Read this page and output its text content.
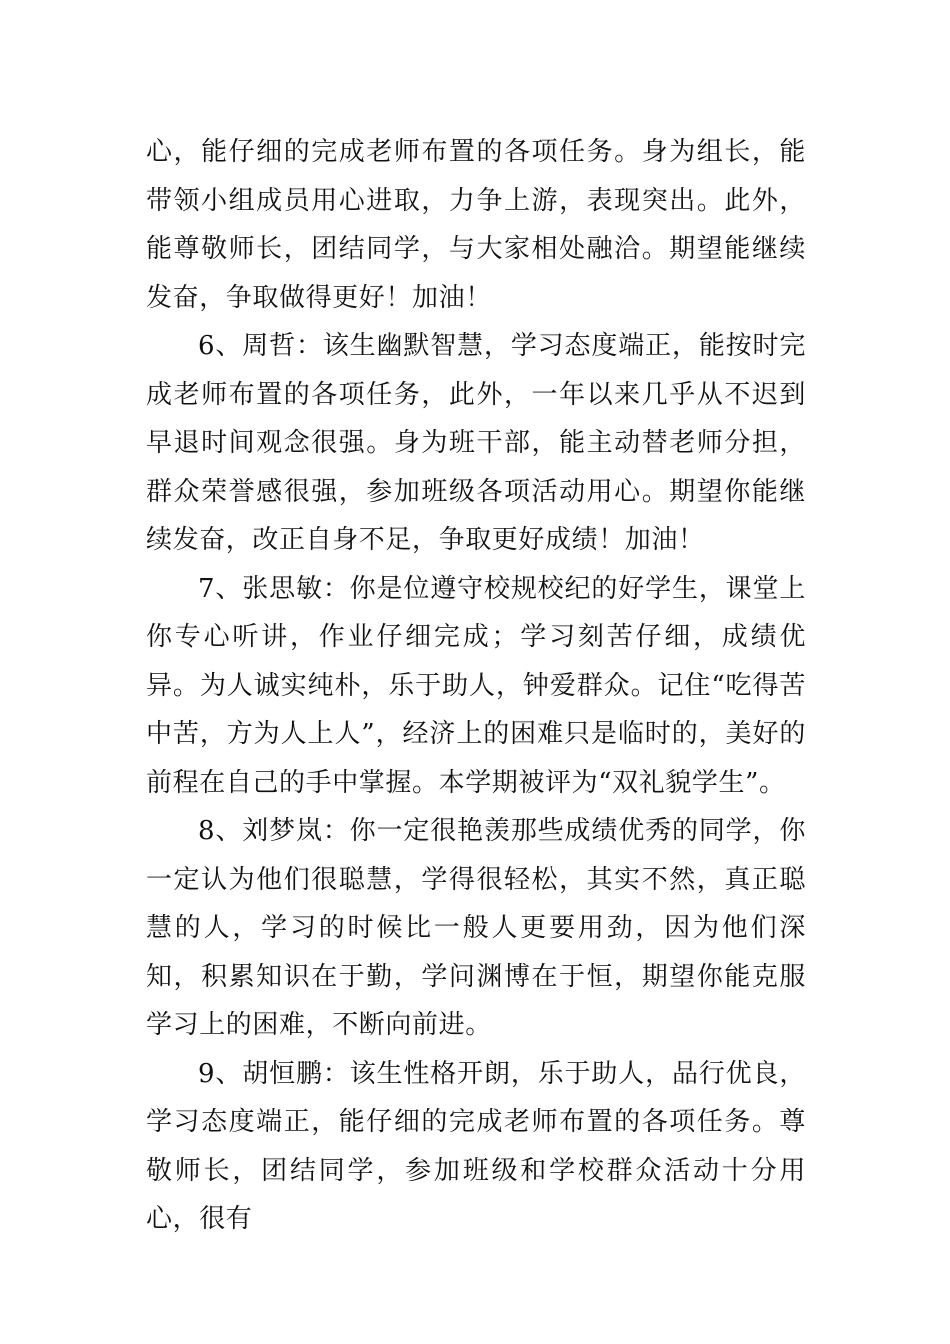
心，能仔细的完成老师布置的各项任务。身为组长，能带领小组成员用心进取，力争上游，表现突出。此外，能尊敬师长，团结同学，与大家相处融洽。期望能继续发奋，争取做得更好！加油！

6、周哲：该生幽默智慧，学习态度端正，能按时完成老师布置的各项任务，此外，一年以来几乎从不迟到早退时间观念很强。身为班干部，能主动替老师分担，群众荣誉感很强，参加班级各项活动用心。期望你能继续发奋，改正自身不足，争取更好成绩！加油！

7、张思敏：你是位遵守校规校纪的好学生，课堂上你专心听讲，作业仔细完成；学习刻苦仔细，成绩优异。为人诚实纯朴，乐于助人，钟爱群众。记住“吃得苦中苦，方为人上人”，经济上的困难只是临时的，美好的前程在自己的手中掌握。本学期被评为“双礼貌学生”。

8、刘梦岚：你一定很艳羡那些成绩优秀的同学，你一定认为他们很聪慧，学得很轻松，其实不然，真正聪慧的人，学习的时候比一般人更要用劲，因为他们深知，积累知识在于勤，学问渊博在于恒，期望你能克服学习上的困难，不断向前进。

9、胡恒鹏：该生性格开朗，乐于助人，品行优良，学习态度端正，能仔细的完成老师布置的各项任务。尊敬师长，团结同学，参加班级和学校群众活动十分用心，很有
